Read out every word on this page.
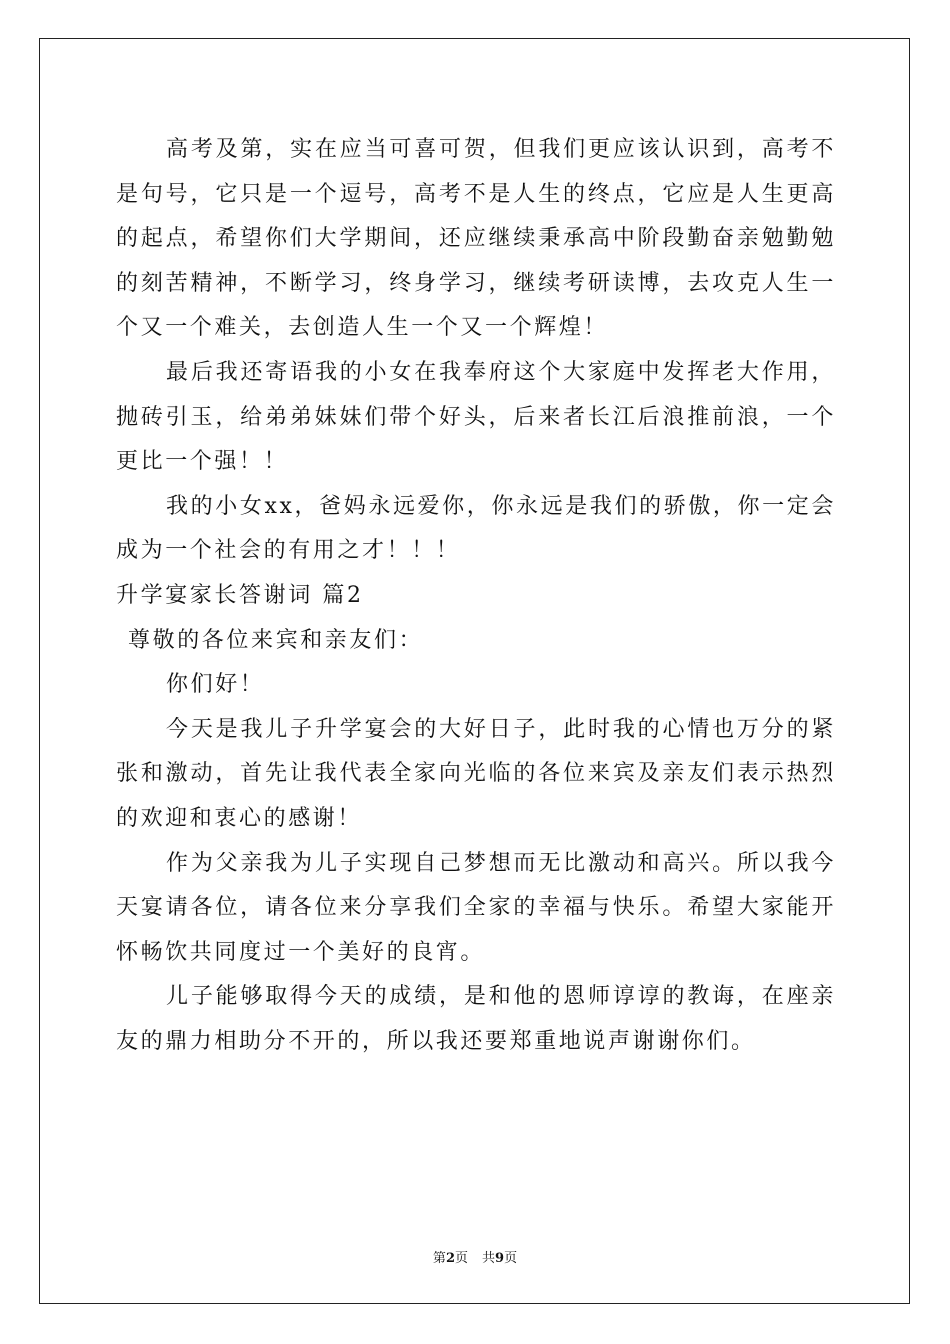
高考及第，实在应当可喜可贺，但我们更应该认识到，高考不是句号，它只是一个逗号，高考不是人生的终点，它应是人生更高的起点，希望你们大学期间，还应继续秉承高中阶段勤奋亲勉勤勉的刻苦精神，不断学习，终身学习，继续考研读博，去攻克人生一个又一个难关，去创造人生一个又一个辉煌！

最后我还寄语我的小女在我奉府这个大家庭中发挥老大作用，抛砖引玉，给弟弟妹妹们带个好头，后来者长江后浪推前浪，一个更比一个强！！

我的小女xx，爸妈永远爱你，你永远是我们的骄傲，你一定会成为一个社会的有用之才！！！

升学宴家长答谢词 篇2

尊敬的各位来宾和亲友们：

你们好！

今天是我儿子升学宴会的大好日子，此时我的心情也万分的紧张和激动，首先让我代表全家向光临的各位来宾及亲友们表示热烈的欢迎和衷心的感谢！

作为父亲我为儿子实现自己梦想而无比激动和高兴。所以我今天宴请各位，请各位来分享我们全家的幸福与快乐。希望大家能开怀畅饮共同度过一个美好的良宵。

儿子能够取得今天的成绩，是和他的恩师谆谆的教诲，在座亲友的鼎力相助分不开的，所以我还要郑重地说声谢谢你们。

第2页 共9页
